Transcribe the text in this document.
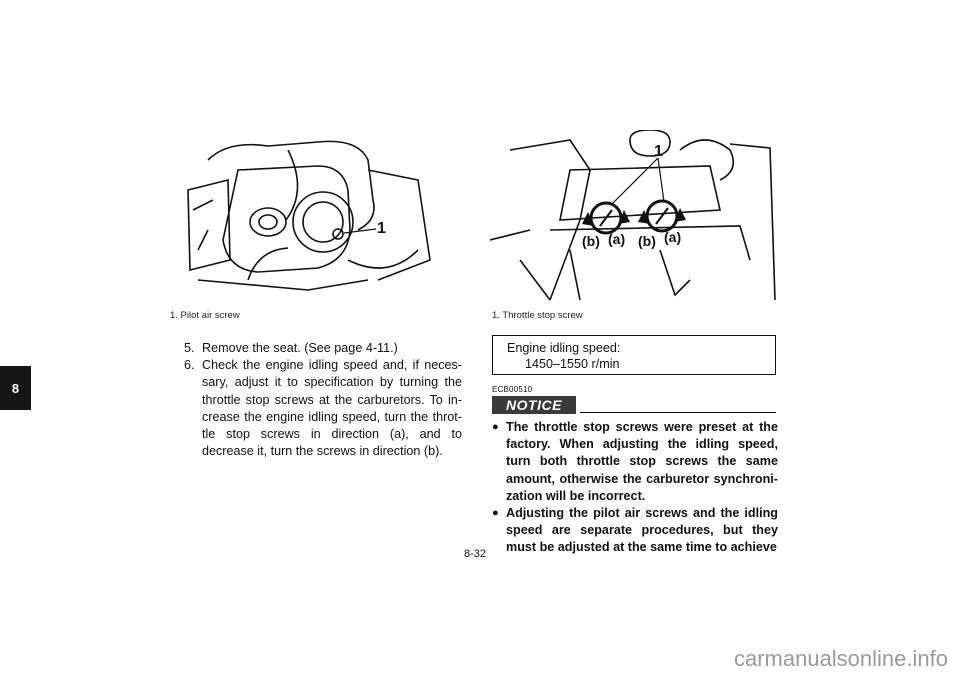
8
1
1. Pilot air screw
1
(b) (a) (b) (a)
1. Throttle stop screw
5. Remove the seat. (See page 4-11.)
6. Check the engine idling speed and, if neces-sary, adjust it to specification by turning the throttle stop screws at the carburetors. To in-crease the engine idling speed, turn the throt-tle stop screws in direction (a), and to decrease it, turn the screws in direction (b).
Engine idling speed:
1450–1550 r/min
ECB00510
NOTICE
● The throttle stop screws were preset at the factory. When adjusting the idling speed, turn both throttle stop screws the same amount, otherwise the carburetor synchroni-zation will be incorrect.
● Adjusting the pilot air screws and the idling speed are separate procedures, but they must be adjusted at the same time to achieve
8-32
carmanualsonline.info
